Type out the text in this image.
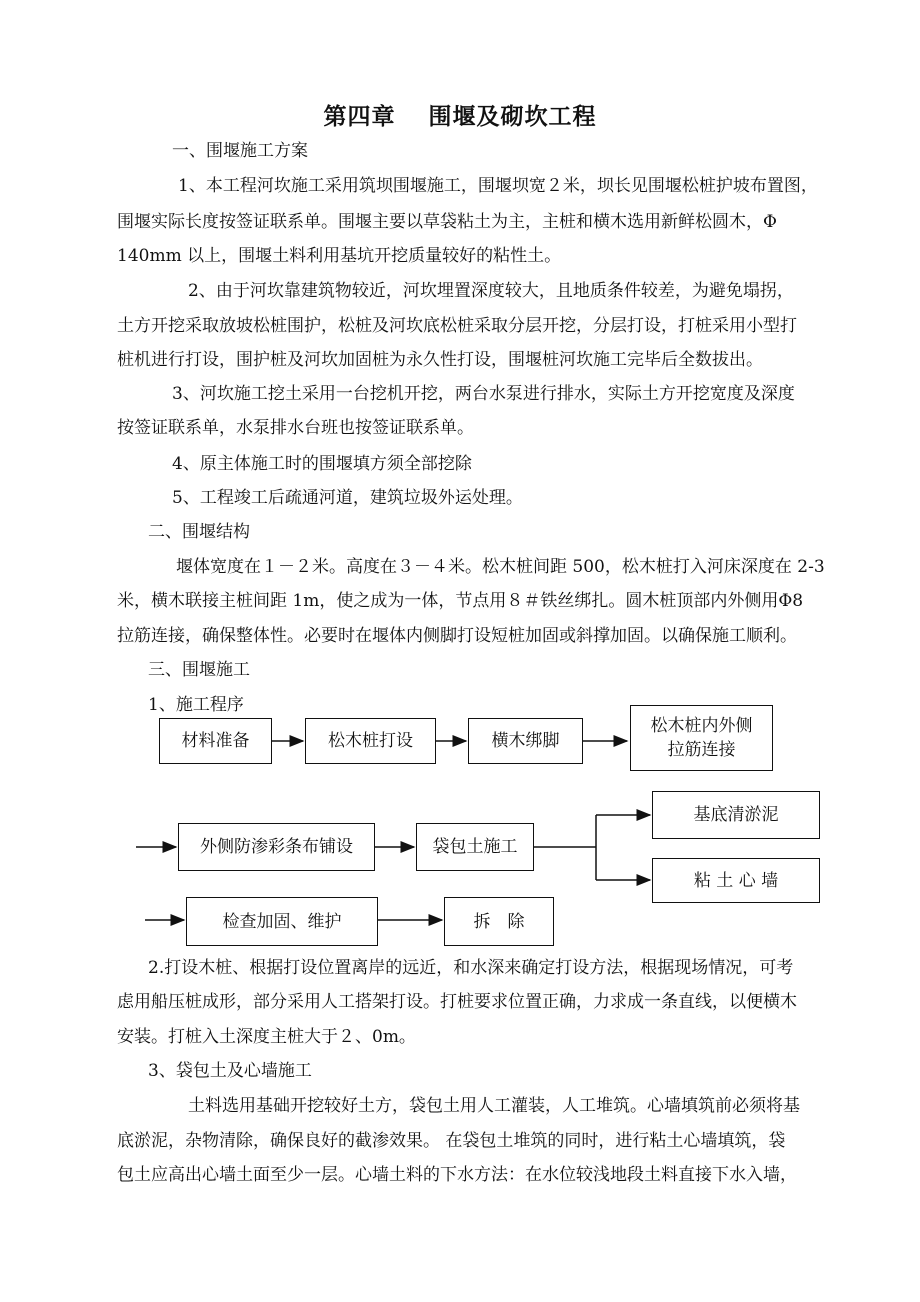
第四章　 围堰及砌坎工程
一、围堰施工方案
1、本工程河坎施工采用筑坝围堰施工，围堰坝宽２米，坝长见围堰松桩护坡布置图，
围堰实际长度按签证联系单。围堰主要以草袋粘土为主，主桩和横木选用新鲜松圆木，Φ
140mm 以上，围堰土料利用基坑开挖质量较好的粘性土。
2、由于河坎靠建筑物较近，河坎埋置深度较大，且地质条件较差，为避免塌拐，
土方开挖采取放坡松桩围护，松桩及河坎底松桩采取分层开挖，分层打设，打桩采用小型打
桩机进行打设，围护桩及河坎加固桩为永久性打设，围堰桩河坎施工完毕后全数拔出。
3、河坎施工挖土采用一台挖机开挖，两台水泵进行排水，实际土方开挖宽度及深度
按签证联系单，水泵排水台班也按签证联系单。
4、原主体施工时的围堰填方须全部挖除
5、工程竣工后疏通河道，建筑垃圾外运处理。
二、围堰结构
堰体宽度在１－２米。高度在３－４米。松木桩间距 500，松木桩打入河床深度在 2-3
米，横木联接主桩间距 1m，使之成为一体，节点用８＃铁丝绑扎。圆木桩顶部内外侧用Φ8
拉筋连接，确保整体性。必要时在堰体内侧脚打设短桩加固或斜撑加固。以确保施工顺利。
三、围堰施工
1、施工程序
材料准备	松木桩打设	横木绑脚
松木桩内外侧
拉筋连接
外侧防渗彩条布铺设	袋包土施工
基底清淤泥
粘 土 心 墙
检查加固、维护	拆　除
2.打设木桩、根据打设位置离岸的远近，和水深来确定打设方法，根据现场情况，可考
虑用船压桩成形，部分采用人工搭架打设。打桩要求位置正确，力求成一条直线，以便横木
安装。打桩入土深度主桩大于２、0m。
3、袋包土及心墙施工
土料选用基础开挖较好土方，袋包土用人工灌装，人工堆筑。心墙填筑前必须将基
底淤泥，杂物清除，确保良好的截渗效果。 在袋包土堆筑的同时，进行粘土心墙填筑，袋
包土应高出心墙土面至少一层。心墙土料的下水方法：在水位较浅地段土料直接下水入墙，
